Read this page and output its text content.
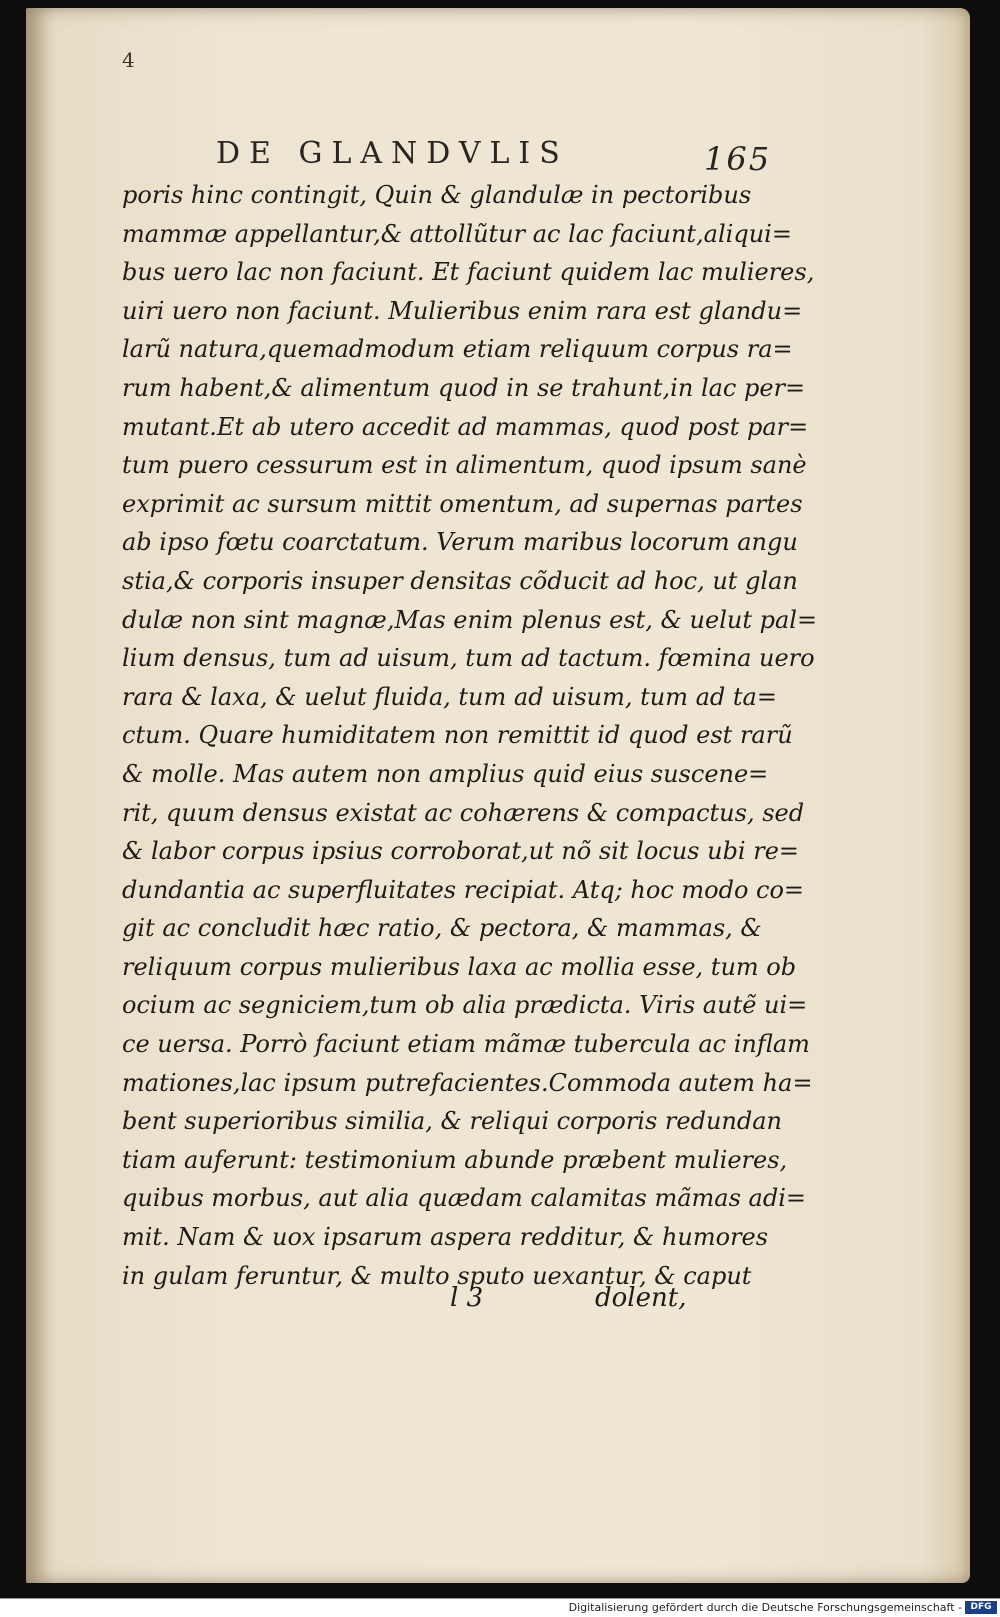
4
DE GLANDVLIS	165
poris hinc contingit, Quin & glandulæ in pectoribus
mammæ appellantur,& attollũtur ac lac faciunt,aliqui=
bus uero lac non faciunt. Et faciunt quidem lac mulieres,
uiri uero non faciunt. Mulieribus enim rara est glandu=
larũ natura,quemadmodum etiam reliquum corpus ra=
rum habent,& alimentum quod in se trahunt,in lac per=
mutant.Et ab utero accedit ad mammas, quod post par=
tum puero cessurum est in alimentum, quod ipsum sanè
exprimit ac sursum mittit omentum, ad supernas partes
ab ipso fœtu coarctatum. Verum maribus locorum angu
stia,& corporis insuper densitas cõducit ad hoc, ut glan
dulæ non sint magnæ,Mas enim plenus est, & uelut pal=
lium densus, tum ad uisum, tum ad tactum. fœmina uero
rara & laxa, & uelut fluida, tum ad uisum, tum ad ta=
ctum. Quare humiditatem non remittit id quod est rarũ
& molle. Mas autem non amplius quid eius susceпe=
rit, quum densus existat ac cohærens & compactus, sed
& labor corpus ipsius corroborat,ut nõ sit locus ubi re=
dundantia ac superfluitates recipiat. Atq; hoc modo co=
git ac concludit hæc ratio, & pectora, & mammas, &
reliquum corpus mulieribus laxa ac mollia esse, tum ob
ocium ac segniciem,tum ob alia prædicta. Viris autẽ ui=
ce uersa. Porrò faciunt etiam mãmæ tubercula ac inflam
mationes,lac ipsum putrefacientes.Commoda autem ha=
bent superioribus similia, & reliqui corporis redundan
tiam auferunt: testimonium abunde præbent mulieres,
quibus morbus, aut alia quædam calamitas mãmas adi=
mit. Nam & uox ipsarum aspera redditur, & humores
in gulam feruntur, & multo sputo uexantur, & caput
l 3	dolent,
Digitalisierung gefördert durch die Deutsche Forschungsgemeinschaft - DFG
